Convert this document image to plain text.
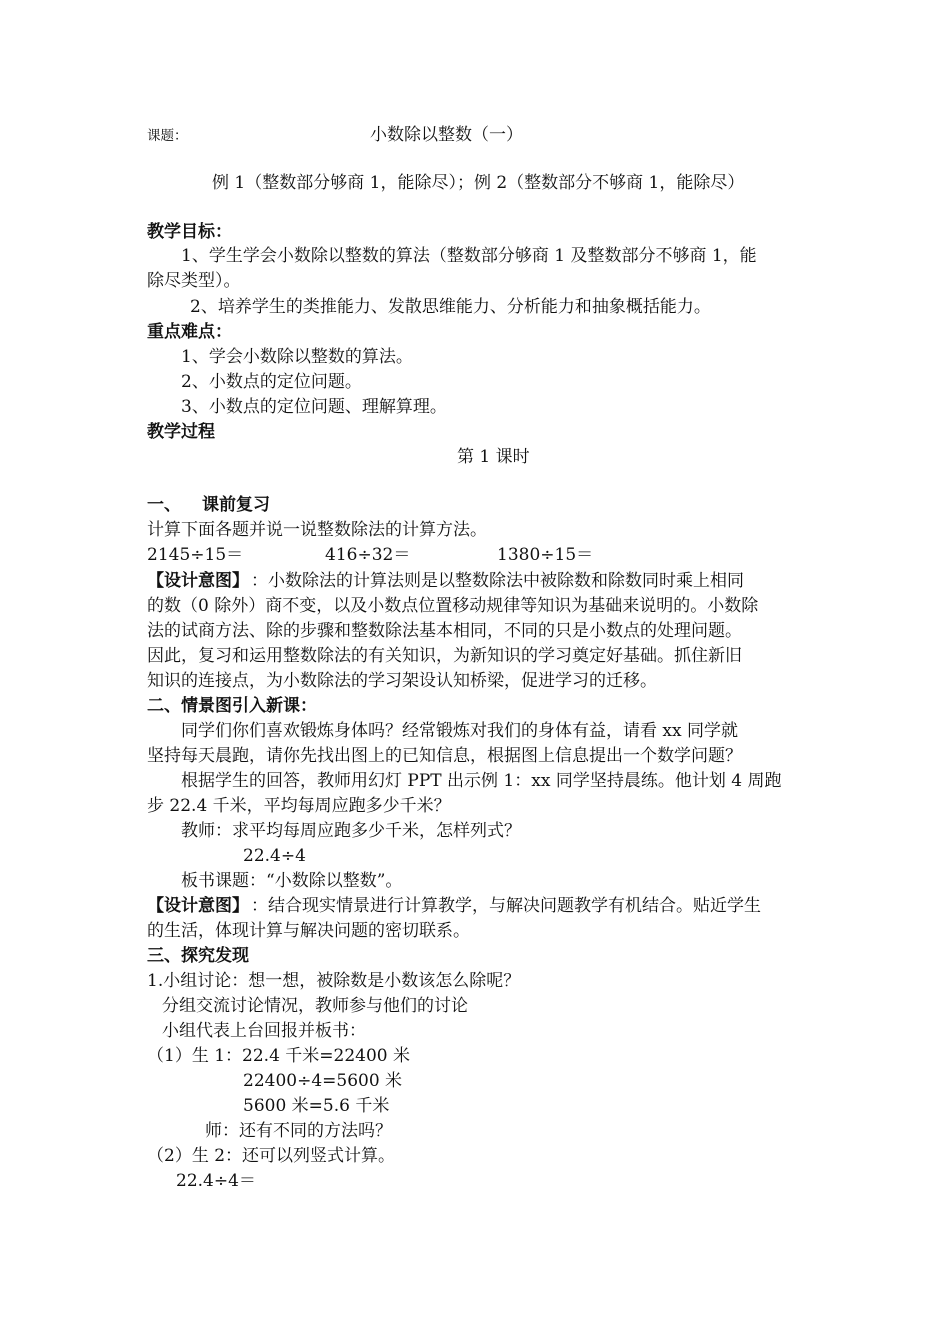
课题：	小数除以整数（一）
例 1（整数部分够商 1，能除尽）；例 2（整数部分不够商 1，能除尽）
教学目标：
1、学生学会小数除以整数的算法（整数部分够商 1 及整数部分不够商 1，能
除尽类型）。
2、培养学生的类推能力、发散思维能力、分析能力和抽象概括能力。
重点难点：
1、学会小数除以整数的算法。
2、小数点的定位问题。
3、小数点的定位问题、理解算理。
教学过程
第 1 课时
一、 课前复习
计算下面各题并说一说整数除法的计算方法。
2145÷15＝	416÷32＝	1380÷15＝
【设计意图】 ：小数除法的计算法则是以整数除法中被除数和除数同时乘上相同
的数（0 除外）商不变，以及小数点位置移动规律等知识为基础来说明的。小数除
法的试商方法、除的步骤和整数除法基本相同，不同的只是小数点的处理问题。
因此，复习和运用整数除法的有关知识，为新知识的学习奠定好基础。抓住新旧
知识的连接点，为小数除法的学习架设认知桥梁，促进学习的迁移。
二、情景图引入新课：
同学们你们喜欢锻炼身体吗？经常锻炼对我们的身体有益，请看 xx 同学就
坚持每天晨跑，请你先找出图上的已知信息，根据图上信息提出一个数学问题？
根据学生的回答，教师用幻灯 PPT 出示例 1：xx 同学坚持晨练。他计划 4 周跑
步 22.4 千米，平均每周应跑多少千米？
教师：求平均每周应跑多少千米，怎样列式？
22.4÷4
板书课题：“小数除以整数”。
【设计意图】 ：结合现实情景进行计算教学，与解决问题教学有机结合。贴近学生
的生活，体现计算与解决问题的密切联系。
三、探究发现
1.小组讨论：想一想，被除数是小数该怎么除呢？
分组交流讨论情况，教师参与他们的讨论
小组代表上台回报并板书：
（1）生 1：22.4 千米=22400 米
22400÷4=5600 米
5600 米=5.6 千米
师：还有不同的方法吗？
（2）生 2：还可以列竖式计算。
22.4÷4＝
